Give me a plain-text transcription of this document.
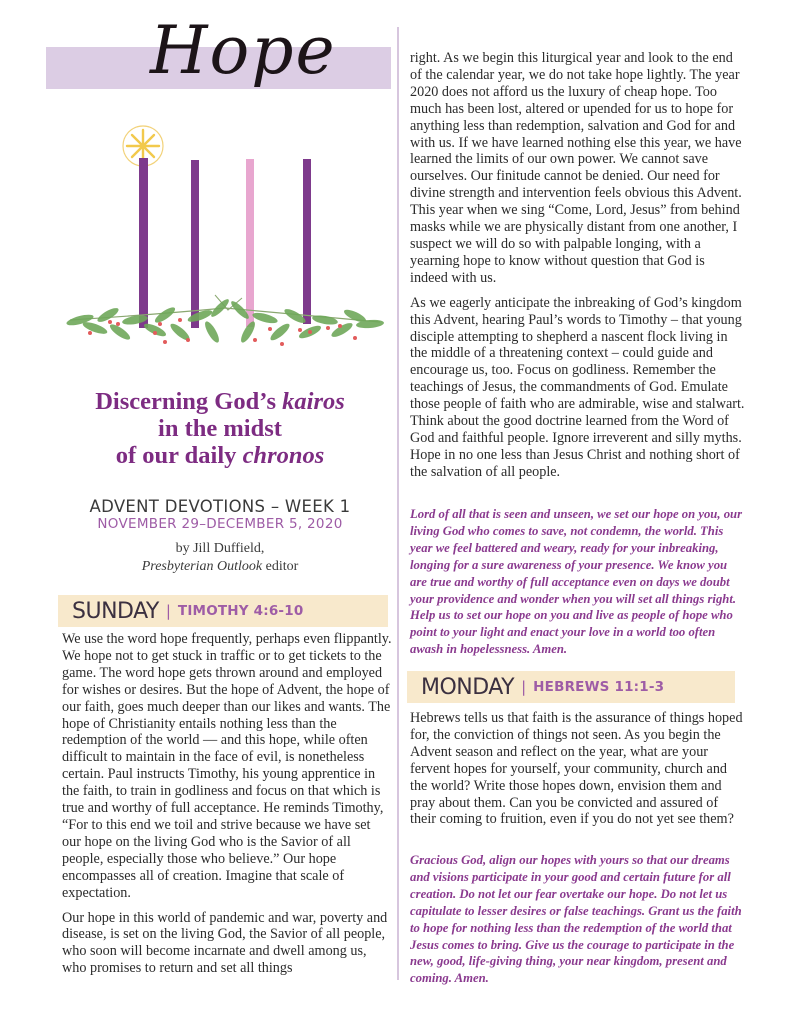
Hope
Discerning God’s kairos
in the midst
of our daily chronos
ADVENT DEVOTIONS – WEEK 1
NOVEMBER 29–DECEMBER 5, 2020
by Jill Duffield,
Presbyterian Outlook editor
SUNDAY | TIMOTHY 4:6-10

We use the word hope frequently, perhaps even flippantly. We hope not to get stuck in traffic or to get tickets to the game. The word hope gets thrown around and employed for wishes or desires. But the hope of Advent, the hope of our faith, goes much deeper than our likes and wants. The hope of Christianity entails nothing less than the redemption of the world — and this hope, while often difficult to maintain in the face of evil, is nonetheless certain. Paul instructs Timothy, his young apprentice in the faith, to train in godliness and focus on that which is true and worthy of full acceptance. He reminds Timothy, “For to this end we toil and strive because we have set our hope on the living God who is the Savior of all people, especially those who believe.” Our hope encompasses all of creation. Imagine that scale of expectation.

Our hope in this world of pandemic and war, poverty and disease, is set on the living God, the Savior of all people, who soon will become incarnate and dwell among us, who promises to return and set all things

right. As we begin this liturgical year and look to the end of the calendar year, we do not take hope lightly. The year 2020 does not afford us the luxury of cheap hope. Too much has been lost, altered or upended for us to hope for anything less than redemption, salvation and God for and with us. If we have learned nothing else this year, we have learned the limits of our own power. We cannot save ourselves. Our finitude cannot be denied. Our need for divine strength and intervention feels obvious this Advent. This year when we sing “Come, Lord, Jesus” from behind masks while we are physically distant from one another, I suspect we will do so with palpable longing, with a yearning hope to know without question that God is indeed with us.

As we eagerly anticipate the inbreaking of God’s kingdom this Advent, hearing Paul’s words to Timothy – that young disciple attempting to shepherd a nascent flock living in the middle of a threatening context – could guide and encourage us, too. Focus on godliness. Remember the teachings of Jesus, the commandments of God. Emulate those people of faith who are admirable, wise and stalwart. Think about the good doctrine learned from the Word of God and faithful people. Ignore irreverent and silly myths. Hope in no one less than Jesus Christ and nothing short of the salvation of all people.

Lord of all that is seen and unseen, we set our hope on you, our living God who comes to save, not condemn, the world. This year we feel battered and weary, ready for your inbreaking, longing for a sure awareness of your presence. We know you are true and worthy of full acceptance even on days we doubt your providence and wonder when you will set all things right. Help us to set our hope on you and live as people of hope who point to your light and enact your love in a world too often awash in hopelessness. Amen.
MONDAY | HEBREWS 11:1-3

Hebrews tells us that faith is the assurance of things hoped for, the conviction of things not seen. As you begin the Advent season and reflect on the year, what are your fervent hopes for yourself, your community, church and the world? Write those hopes down, envision them and pray about them. Can you be convicted and assured of their coming to fruition, even if you do not yet see them?

Gracious God, align our hopes with yours so that our dreams and visions participate in your good and certain future for all creation. Do not let our fear overtake our hope. Do not let us capitulate to lesser desires or false teachings. Grant us the faith to hope for nothing less than the redemption of the world that Jesus comes to bring. Give us the courage to participate in the new, good, life-giving thing, your near kingdom, present and coming. Amen.
